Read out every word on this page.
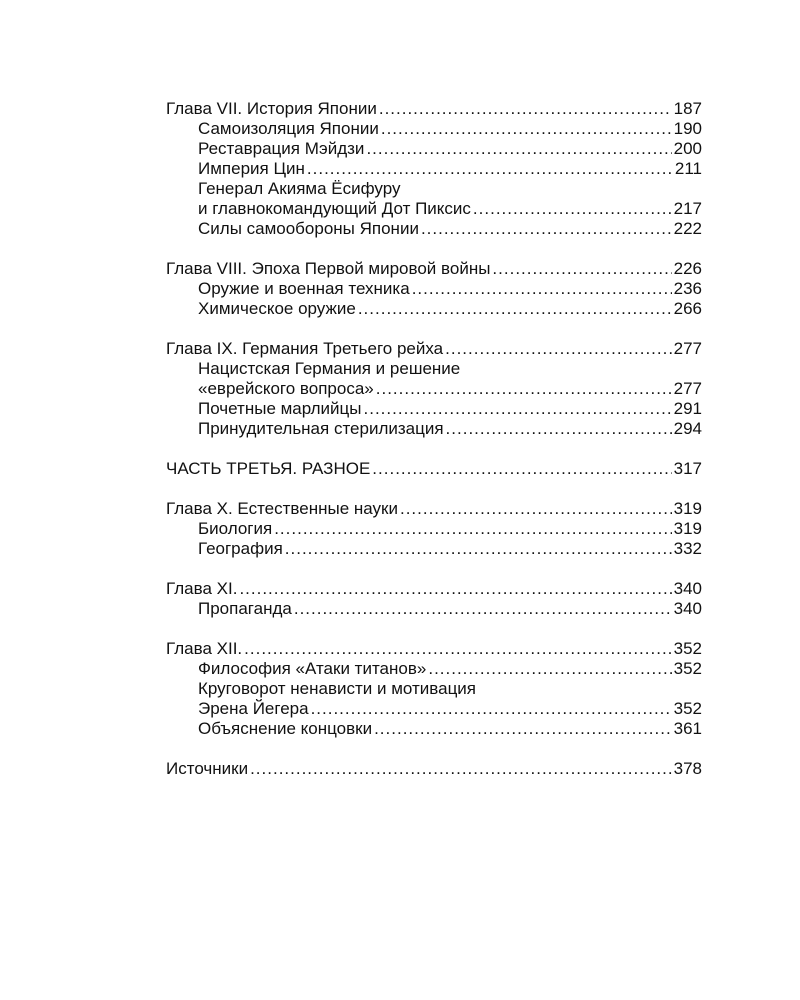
Глава VII. История Японии .....	187
Самоизоляция Японии .....	190
Реставрация Мэйдзи .....	200
Империя Цин .....	211
Генерал Акияма Ёсифуру
и главнокомандующий Дот Пиксис .....	217
Силы самообороны Японии .....	222
Глава VIII. Эпоха Первой мировой войны .....	226
Оружие и военная техника .....	236
Химическое оружие .....	266
Глава IX. Германия Третьего рейха .....	277
Нацистская Германия и решение
«еврейского вопроса» .....	277
Почетные марлийцы .....	291
Принудительная стерилизация .....	294
ЧАСТЬ ТРЕТЬЯ. РАЗНОЕ .....	317
Глава X. Естественные науки .....	319
Биология .....	319
География .....	332
Глава XI. .....	340
Пропаганда .....	340
Глава XII. .....	352
Философия «Атаки титанов» .....	352
Круговорот ненависти и мотивация
Эрена Йегера .....	352
Объяснение концовки .....	361
Источники .....	378
